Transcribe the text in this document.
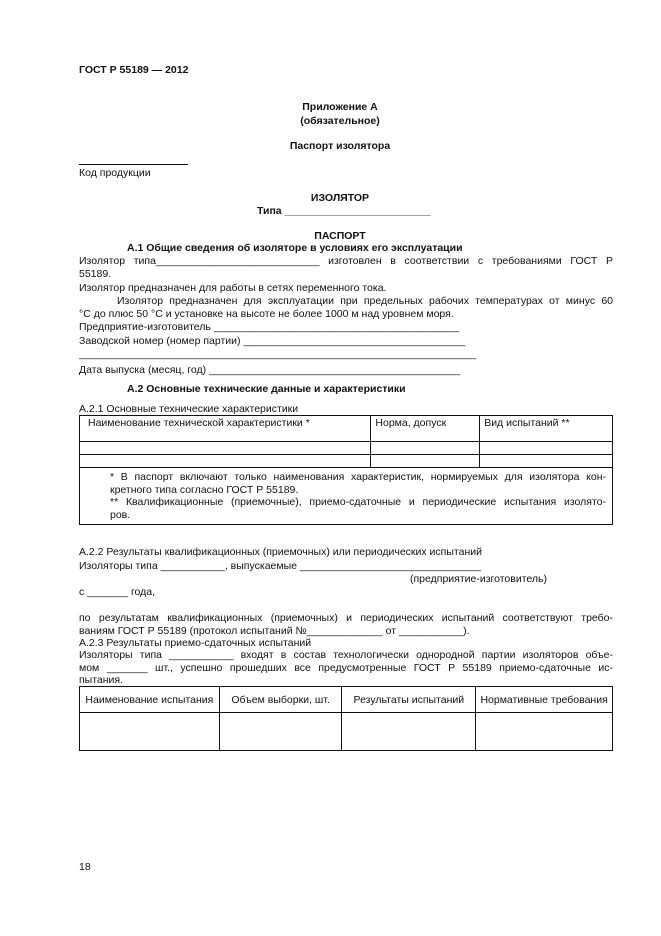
ГОСТ Р 55189 — 2012
Приложение А
(обязательное)
Паспорт изолятора
Код продукции
ИЗОЛЯТОР
Типа _________________________
ПАСПОРТ
А.1 Общие сведения об изоляторе в условиях его эксплуатации
Изолятор типа____________________________ изготовлен в соответствии с требованиями ГОСТ Р
55189.
Изолятор предназначен для работы в сетях переменного тока.
Изолятор предназначен для эксплуатации при предельных рабочих температурах от минус 60
°С до плюс 50 °С и установке на высоте не более 1000 м над уровнем моря.
Предприятие-изготовитель __________________________________________
Заводской номер (номер партии) ______________________________________
____________________________________________________________________
Дата выпуска (месяц, год) ___________________________________________
А.2 Основные технические данные и характеристики
А.2.1 Основные технические характеристики
Наименование технической характеристики *	Норма, допуск	Вид испытаний **

* В паспорт включают только наименования характеристик, нормируемых для изолятора кон-
кретного типа согласно ГОСТ Р 55189.
** Квалификационные (приемочные), приемо-сдаточные и периодические испытания изолято-
ров.		
А.2.2 Результаты квалификационных (приемочных) или периодических испытаний
Изоляторы типа ___________, выпускаемые _______________________________
(предприятие-изготовитель)
с _______ года,
по результатам квалификационных (приемочных) и периодических испытаний соответствуют требо-
ваниям ГОСТ Р 55189 (протокол испытаний №_____________ от ___________).
А.2.3 Результаты приемо-сдаточных испытаний
Изоляторы типа ___________ входят в состав технологически однородной партии изоляторов объе-
мом _______ шт., успешно прошедших все предусмотренные ГОСТ Р 55189 приемо-сдаточные ис-
пытания.
Наименование испытания	Объем выборки, шт.	Результаты испытаний	Нормативные требования

18
